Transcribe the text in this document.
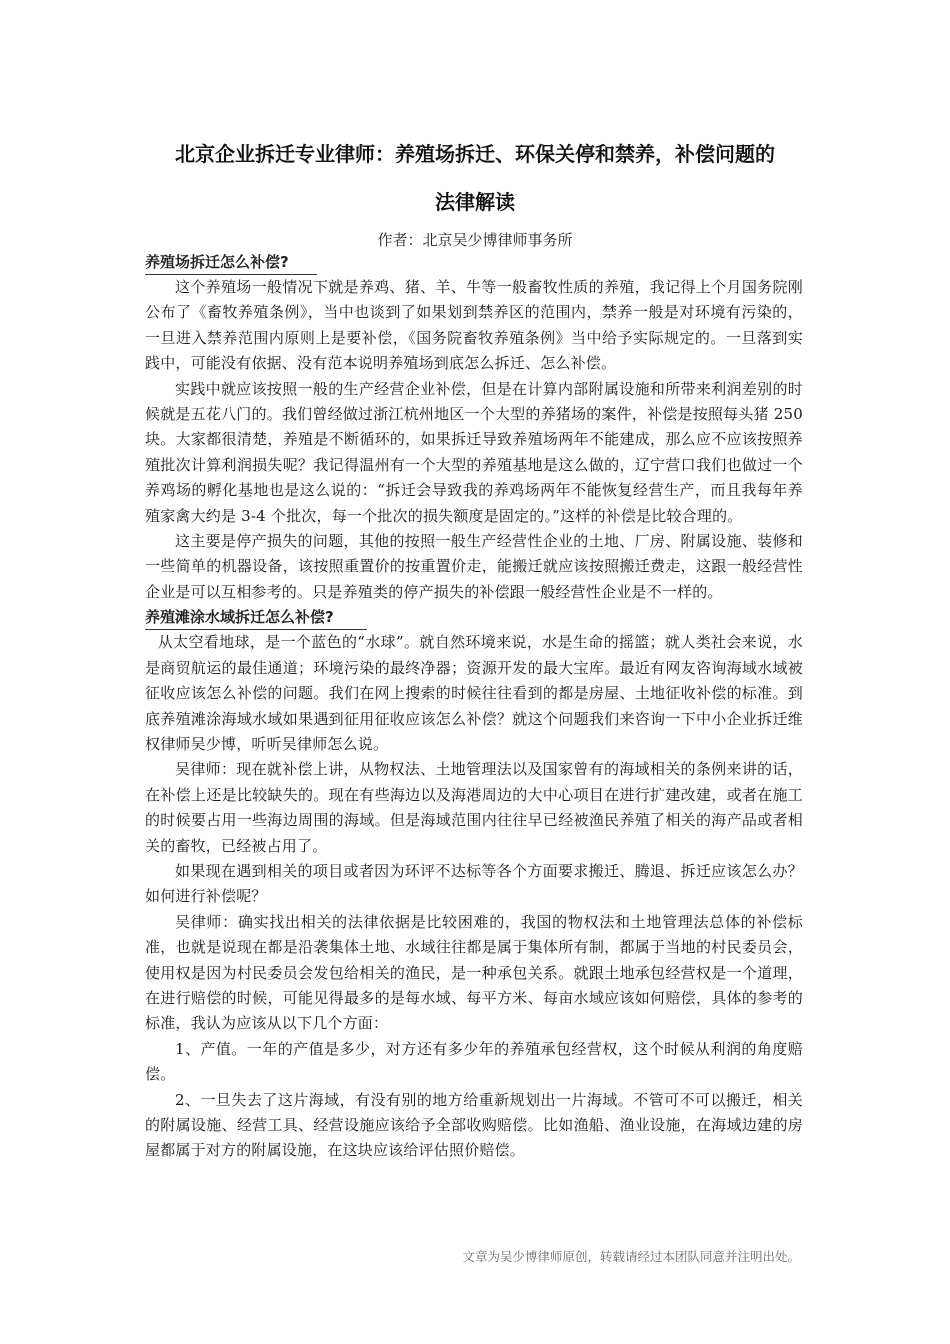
北京企业拆迁专业律师：养殖场拆迁、环保关停和禁养，补偿问题的
法律解读
作者：北京吴少博律师事务所
养殖场拆迁怎么补偿?

这个养殖场一般情况下就是养鸡、猪、羊、牛等一般畜牧性质的养殖，我记得上个月国务院刚公布了《畜牧养殖条例》，当中也谈到了如果划到禁养区的范围内，禁养一般是对环境有污染的，一旦进入禁养范围内原则上是要补偿，《国务院畜牧养殖条例》当中给予实际规定的。一旦落到实践中，可能没有依据、没有范本说明养殖场到底怎么拆迁、怎么补偿。

实践中就应该按照一般的生产经营企业补偿，但是在计算内部附属设施和所带来利润差别的时候就是五花八门的。我们曾经做过浙江杭州地区一个大型的养猪场的案件，补偿是按照每头猪 250 块。大家都很清楚，养殖是不断循环的，如果拆迁导致养殖场两年不能建成，那么应不应该按照养殖批次计算利润损失呢？我记得温州有一个大型的养殖基地是这么做的，辽宁营口我们也做过一个养鸡场的孵化基地也是这么说的：“拆迁会导致我的养鸡场两年不能恢复经营生产，而且我每年养殖家禽大约是 3-4 个批次，每一个批次的损失额度是固定的。”这样的补偿是比较合理的。

这主要是停产损失的问题，其他的按照一般生产经营性企业的土地、厂房、附属设施、装修和一些简单的机器设备，该按照重置价的按重置价走，能搬迁就应该按照搬迁费走，这跟一般经营性企业是可以互相参考的。只是养殖类的停产损失的补偿跟一般经营性企业是不一样的。

养殖滩涂水域拆迁怎么补偿?

从太空看地球，是一个蓝色的“水球”。就自然环境来说，水是生命的摇篮；就人类社会来说，水是商贸航运的最佳通道；环境污染的最终净器；资源开发的最大宝库。最近有网友咨询海域水域被征收应该怎么补偿的问题。我们在网上搜索的时候往往看到的都是房屋、土地征收补偿的标准。到底养殖滩涂海域水域如果遇到征用征收应该怎么补偿？就这个问题我们来咨询一下中小企业拆迁维权律师吴少博，听听吴律师怎么说。

吴律师：现在就补偿上讲，从物权法、土地管理法以及国家曾有的海域相关的条例来讲的话，在补偿上还是比较缺失的。现在有些海边以及海港周边的大中心项目在进行扩建改建，或者在施工的时候要占用一些海边周围的海域。但是海域范围内往往早已经被渔民养殖了相关的海产品或者相关的畜牧，已经被占用了。

如果现在遇到相关的项目或者因为环评不达标等各个方面要求搬迁、腾退、拆迁应该怎么办？如何进行补偿呢？

吴律师：确实找出相关的法律依据是比较困难的，我国的物权法和土地管理法总体的补偿标准，也就是说现在都是沿袭集体土地、水域往往都是属于集体所有制，都属于当地的村民委员会，使用权是因为村民委员会发包给相关的渔民，是一种承包关系。就跟土地承包经营权是一个道理，在进行赔偿的时候，可能见得最多的是每水域、每平方米、每亩水域应该如何赔偿，具体的参考的标准，我认为应该从以下几个方面：

1、产值。一年的产值是多少，对方还有多少年的养殖承包经营权，这个时候从利润的角度赔偿。

2、一旦失去了这片海域，有没有别的地方给重新规划出一片海域。不管可不可以搬迁，相关的附属设施、经营工具、经营设施应该给予全部收购赔偿。比如渔船、渔业设施，在海域边建的房屋都属于对方的附属设施，在这块应该给评估照价赔偿。

文章为吴少博律师原创，转载请经过本团队同意并注明出处。
